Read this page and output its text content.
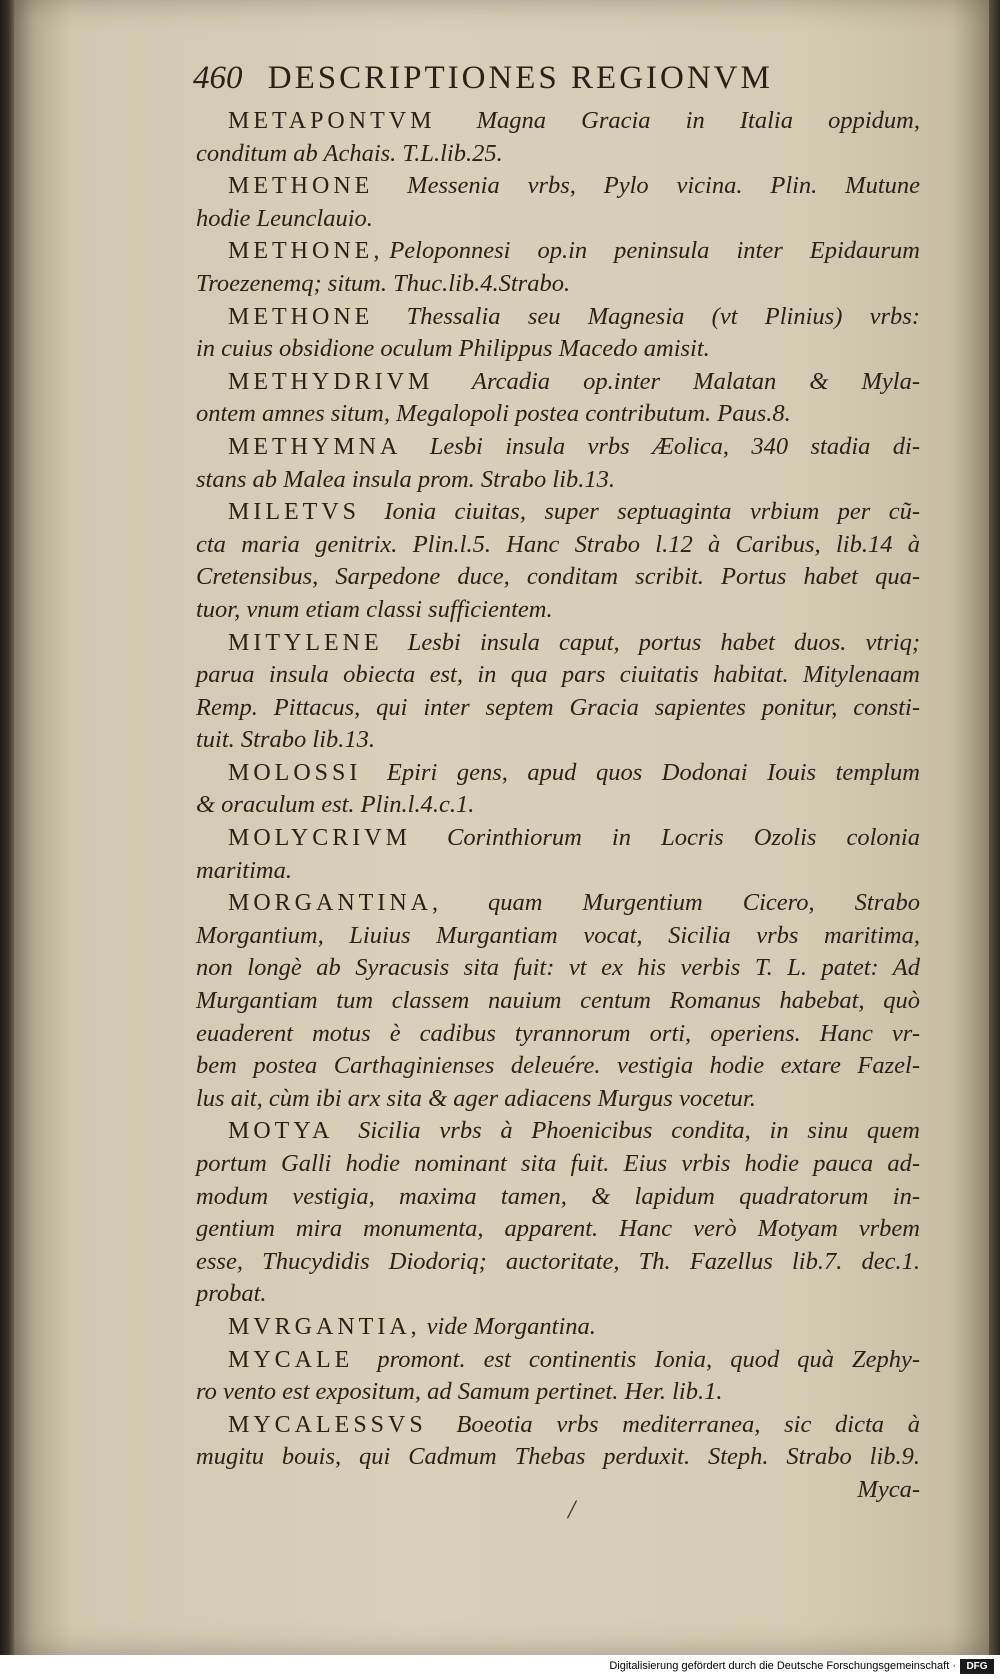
460 DESCRIPTIONES REGIONVM
METAPONTVM Magna Gracia in Italia oppidum,
conditum ab Achais. T.L.lib.25.
METHONE Messenia vrbs, Pylo vicina. Plin. Mutune
hodie Leunclauio.
METHONE, Peloponnesi op.in peninsula inter Epidaurum
Troezenemq; situm. Thuc.lib.4.Strabo.
METHONE Thessalia seu Magnesia (vt Plinius) vrbs:
in cuius obsidione oculum Philippus Macedo amisit.
METHYDRIVM Arcadia op.inter Malatan & Myla-
ontem amnes situm, Megalopoli postea contributum. Paus.8.
METHYMNA Lesbi insula vrbs Æolica, 340 stadia di-
stans ab Malea insula prom. Strabo lib.13.
MILETVS Ionia ciuitas, super septuaginta vrbium per cũ-
cta maria genitrix. Plin.l.5. Hanc Strabo l.12 à Caribus, lib.14 à
Cretensibus, Sarpedone duce, conditam scribit. Portus habet qua-
tuor, vnum etiam classi sufficientem.
MITYLENE Lesbi insula caput, portus habet duos. vtriq;
parua insula obiecta est, in qua pars ciuitatis habitat. Mitylenaam
Remp. Pittacus, qui inter septem Gracia sapientes ponitur, consti-
tuit. Strabo lib.13.
MOLOSSI Epiri gens, apud quos Dodonai Iouis templum
& oraculum est. Plin.l.4.c.1.
MOLYCRIVM Corinthiorum in Locris Ozolis colonia
maritima.
MORGANTINA, quam Murgentium Cicero, Strabo
Morgantium, Liuius Murgantiam vocat, Sicilia vrbs maritima,
non longè ab Syracusis sita fuit: vt ex his verbis T. L. patet: Ad
Murgantiam tum classem nauium centum Romanus habebat, quò
euaderent motus è cadibus tyrannorum orti, operiens. Hanc vr-
bem postea Carthaginienses deleuére. vestigia hodie extare Fazel-
lus ait, cùm ibi arx sita & ager adiacens Murgus vocetur.
MOTYA Sicilia vrbs à Phoenicibus condita, in sinu quem
portum Galli hodie nominant sita fuit. Eius vrbis hodie pauca ad-
modum vestigia, maxima tamen, & lapidum quadratorum in-
gentium mira monumenta, apparent. Hanc verò Motyam vrbem
esse, Thucydidis Diodoriq; auctoritate, Th. Fazellus lib.7. dec.1.
probat.
MVRGANTIA, vide Morgantina.
MYCALE promont. est continentis Ionia, quod quà Zephy-
ro vento est expositum, ad Samum pertinet. Her. lib.1.
MYCALESSVS Boeotia vrbs mediterranea, sic dicta à
mugitu bouis, qui Cadmum Thebas perduxit. Steph. Strabo lib.9.
Myca-
/
Digitalisierung gefördert durch die Deutsche Forschungsgemeinschaft ·	DFG
